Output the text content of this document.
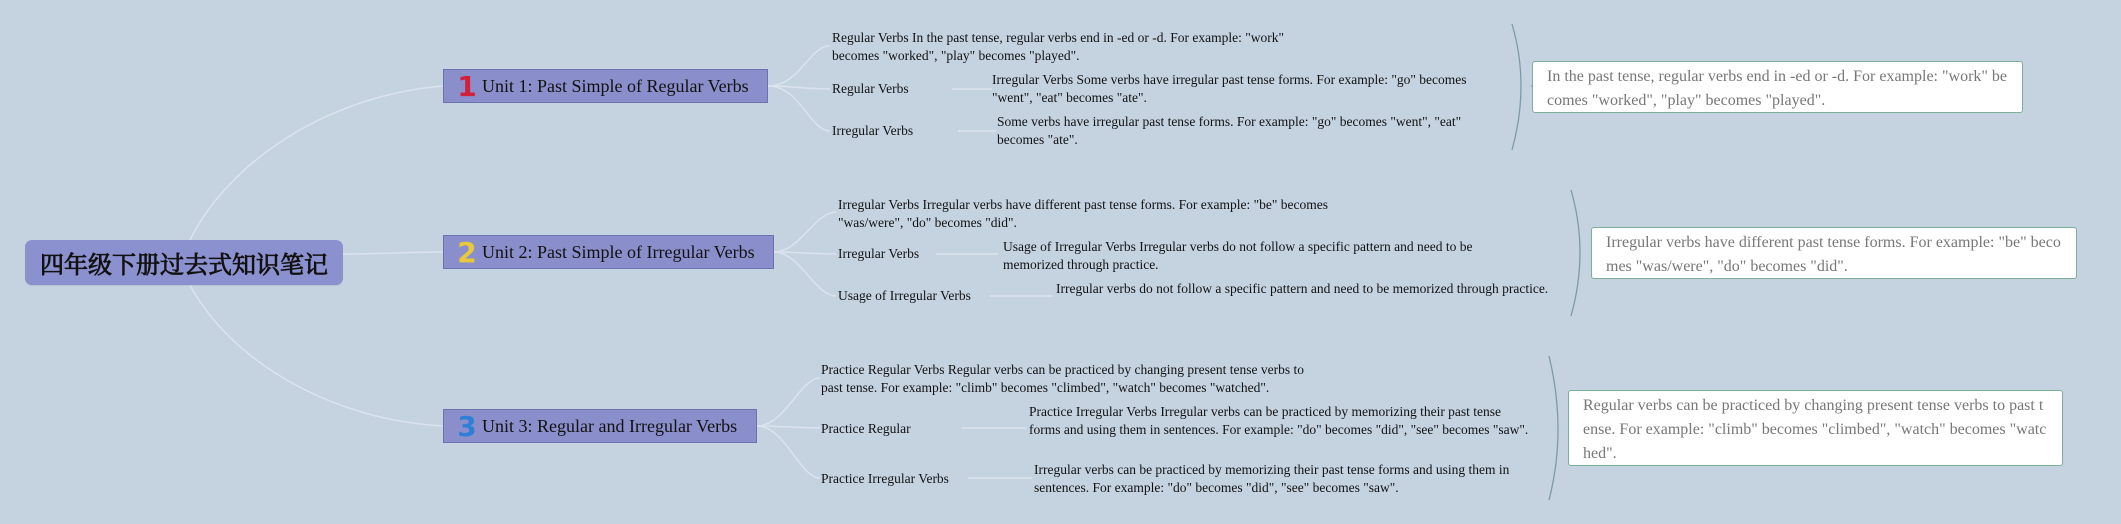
四年级下册过去式知识笔记
1 Unit 1: Past Simple of Regular Verbs
Regular Verbs In the past tense, regular verbs end in -ed or -d. For example: "work" becomes "worked", "play" becomes "played".
Regular Verbs
Irregular Verbs Some verbs have irregular past tense forms. For example: "go" becomes "went", "eat" becomes "ate".
Irregular Verbs
Some verbs have irregular past tense forms. For example: "go" becomes "went", "eat" becomes "ate".
In the past tense, regular verbs end in -ed or -d. For example: "work" becomes "worked", "play" becomes "played".
2 Unit 2: Past Simple of Irregular Verbs
Irregular Verbs Irregular verbs have different past tense forms. For example: "be" becomes "was/were", "do" becomes "did".
Irregular Verbs	Usage of Irregular Verbs Irregular verbs do not follow a specific pattern and need to be memorized through practice.
Usage of Irregular Verbs	Irregular verbs do not follow a specific pattern and need to be memorized through practice.
Irregular verbs have different past tense forms. For example: "be" becomes "was/were", "do" becomes "did".
3 Unit 3: Regular and Irregular Verbs
Practice Regular Verbs Regular verbs can be practiced by changing present tense verbs to past tense. For example: "climb" becomes "climbed", "watch" becomes "watched".
Practice Regular
Practice Irregular Verbs Irregular verbs can be practiced by memorizing their past tense forms and using them in sentences. For example: "do" becomes "did", "see" becomes "saw".
Practice Irregular Verbs
Irregular verbs can be practiced by memorizing their past tense forms and using them in sentences. For example: "do" becomes "did", "see" becomes "saw".
Regular verbs can be practiced by changing present tense verbs to past tense. For example: "climb" becomes "climbed", "watch" becomes "watched".
